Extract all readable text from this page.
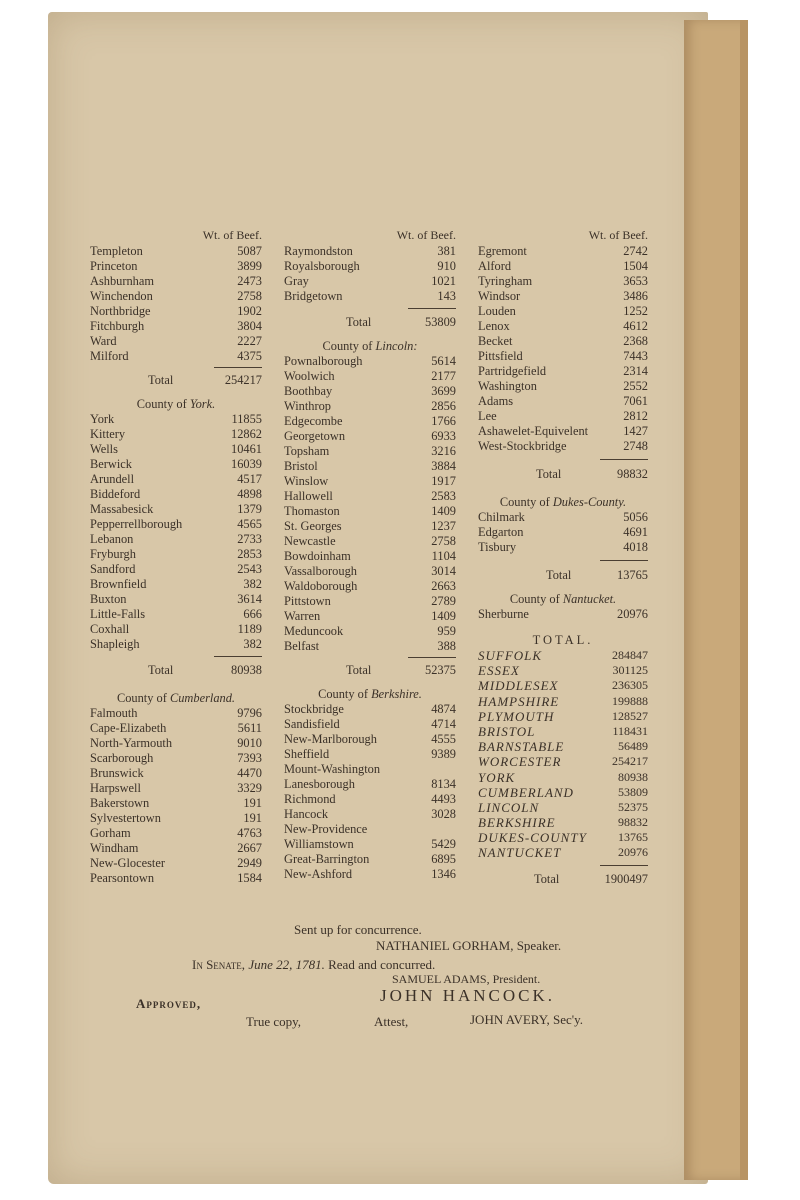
Wt. of Beef.
Templeton	5087
Princeton	3899
Ashburnham	2473
Winchendon	2758
Northbridge	1902
Fitchburgh	3804
Ward	2227
Milford	4375
Total	254217
County of York.
York	11855
Kittery	12862
Wells	10461
Berwick	16039
Arundell	4517
Biddeford	4898
Massabesick	1379
Pepperrellborough	4565
Lebanon	2733
Fryburgh	2853
Sandford	2543
Brownfield	382
Buxton	3614
Little-Falls	666
Coxhall	1189
Shapleigh	382
Total	80938
County of Cumberland.
Falmouth	9796
Cape-Elizabeth	5611
North-Yarmouth	9010
Scarborough	7393
Brunswick	4470
Harpswell	3329
Bakerstown	191
Sylvestertown	191
Gorham	4763
Windham	2667
New-Glocester	2949
Pearsontown	1584
Wt. of Beef.
Raymondston	381
Royalsborough	910
Gray	1021
Bridgetown	143
Total	53809
County of Lincoln:
Pownalborough	5614
Woolwich	2177
Boothbay	3699
Winthrop	2856
Edgecombe	1766
Georgetown	6933
Topsham	3216
Bristol	3884
Winslow	1917
Hallowell	2583
Thomaston	1409
St. Georges	1237
Newcastle	2758
Bowdoinham	1104
Vassalborough	3014
Waldoborough	2663
Pittstown	2789
Warren	1409
Meduncook	959
Belfast	388
Total	52375
County of Berkshire.
Stockbridge	4874
Sandisfield	4714
New-Marlborough	4555
Sheffield	9389
Mount-Washington
Lanesborough	8134
Richmond	4493
Hancock	3028
New-Providence
Williamstown	5429
Great-Barrington	6895
New-Ashford	1346
Wt. of Beef.
Egremont	2742
Alford	1504
Tyringham	3653
Windsor	3486
Louden	1252
Lenox	4612
Becket	2368
Pittsfield	7443
Partridgefield	2314
Washington	2552
Adams	7061
Lee	2812
Ashawelet-Equivelent	1427
West-Stockbridge	2748
Total	98832
County of Dukes-County.
Chilmark	5056
Edgarton	4691
Tisbury	4018
Total	13765
County of Nantucket.
Sherburne	20976
TOTAL.
SUFFOLK	284847
ESSEX	301125
MIDDLESEX	236305
HAMPSHIRE	199888
PLYMOUTH	128527
BRISTOL	118431
BARNSTABLE	56489
WORCESTER	254217
YORK	80938
CUMBERLAND	53809
LINCOLN	52375
BERKSHIRE	98832
DUKES-COUNTY	13765
NANTUCKET	20976
Total	1900497
Sent up for concurrence.
NATHANIEL GORHAM, Speaker.
In Senate, June 22, 1781. Read and concurred.
SAMUEL ADAMS, President.
Approved,	JOHN HANCOCK.
True copy,	Attest,	JOHN AVERY, Sec'y.
